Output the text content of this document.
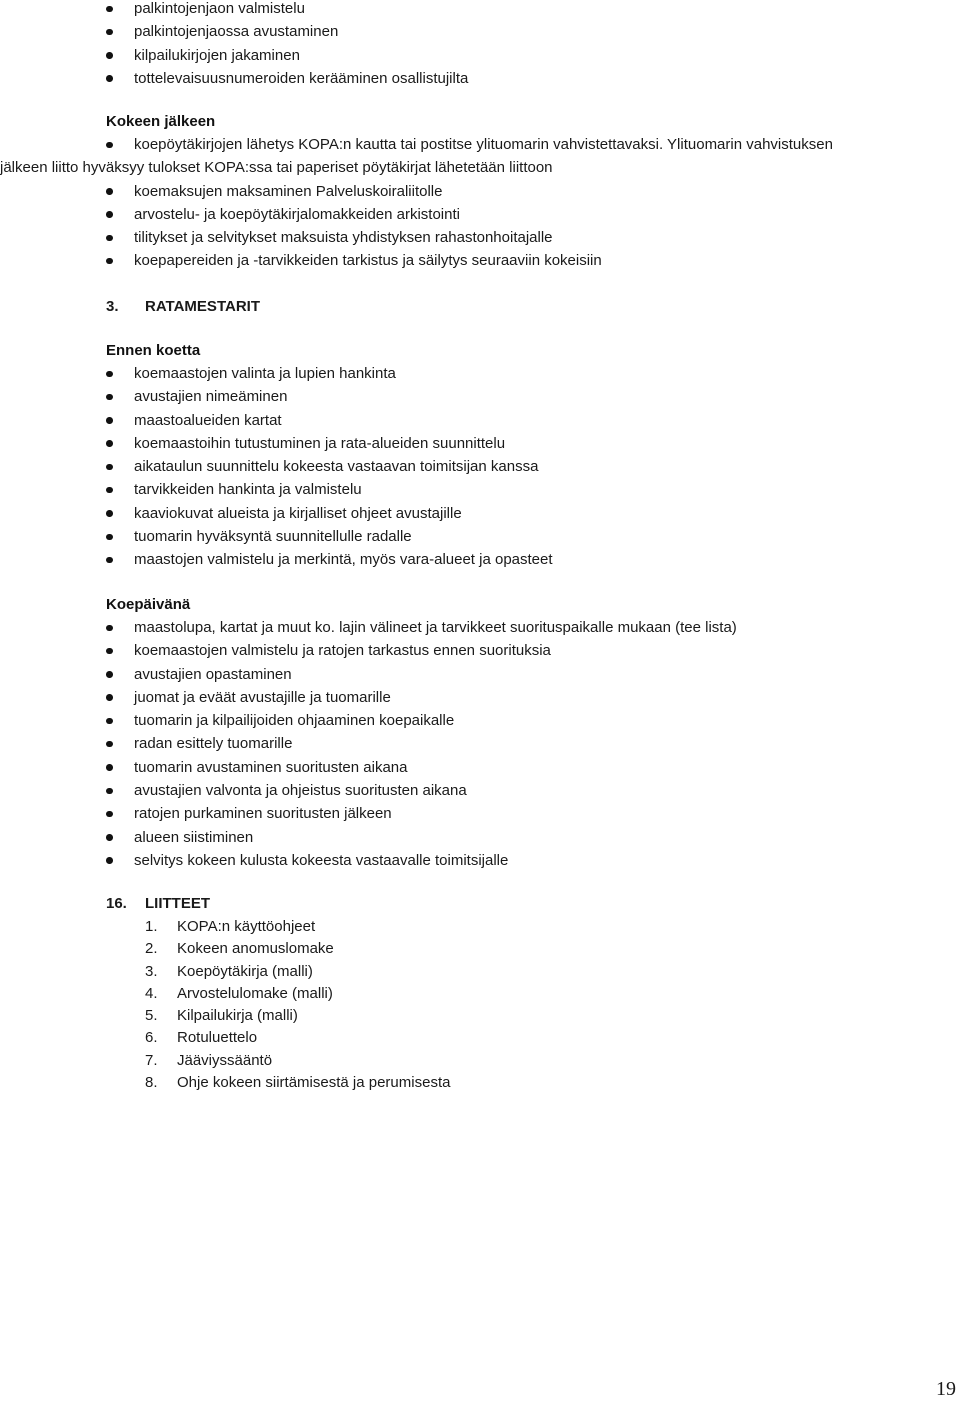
palkintojenjaon valmistelu
palkintojenjaossa avustaminen
kilpailukirjojen jakaminen
tottelevaisuusnumeroiden kerääminen osallistujilta
Kokeen jälkeen
koepöytäkirjojen lähetys KOPA:n kautta tai postitse ylituomarin vahvistettavaksi. Ylituomarin vahvistuksen
jälkeen liitto hyväksyy tulokset KOPA:ssa tai paperiset pöytäkirjat lähetetään liittoon
koemaksujen maksaminen Palveluskoiraliitolle
arvostelu- ja koepöytäkirjalomakkeiden arkistointi
tilitykset ja selvitykset maksuista yhdistyksen rahastonhoitajalle
koepapereiden ja -tarvikkeiden tarkistus ja säilytys seuraaviin kokeisiin
3. RATAMESTARIT
Ennen koetta
koemaastojen valinta ja lupien hankinta
avustajien nimeäminen
maastoalueiden kartat
koemaastoihin tutustuminen ja rata-alueiden suunnittelu
aikataulun suunnittelu kokeesta vastaavan toimitsijan kanssa
tarvikkeiden hankinta ja valmistelu
kaaviokuvat alueista ja kirjalliset ohjeet avustajille
tuomarin hyväksyntä suunnitellulle radalle
maastojen valmistelu ja merkintä, myös vara-alueet ja opasteet
Koepäivänä
maastolupa, kartat ja muut ko. lajin välineet ja tarvikkeet suorituspaikalle mukaan (tee lista)
koemaastojen valmistelu ja ratojen tarkastus ennen suorituksia
avustajien opastaminen
juomat ja eväät avustajille ja tuomarille
tuomarin ja kilpailijoiden ohjaaminen koepaikalle
radan esittely tuomarille
tuomarin avustaminen suoritusten aikana
avustajien valvonta ja ohjeistus suoritusten aikana
ratojen purkaminen suoritusten jälkeen
alueen siistiminen
selvitys kokeen kulusta kokeesta vastaavalle toimitsijalle
16. LIITTEET
1. KOPA:n käyttöohjeet
2. Kokeen anomuslomake
3. Koepöytäkirja (malli)
4. Arvostelulomake (malli)
5. Kilpailukirja (malli)
6. Rotuluettelo
7. Jääviyssääntö
8. Ohje kokeen siirtämisestä ja perumisesta
19
